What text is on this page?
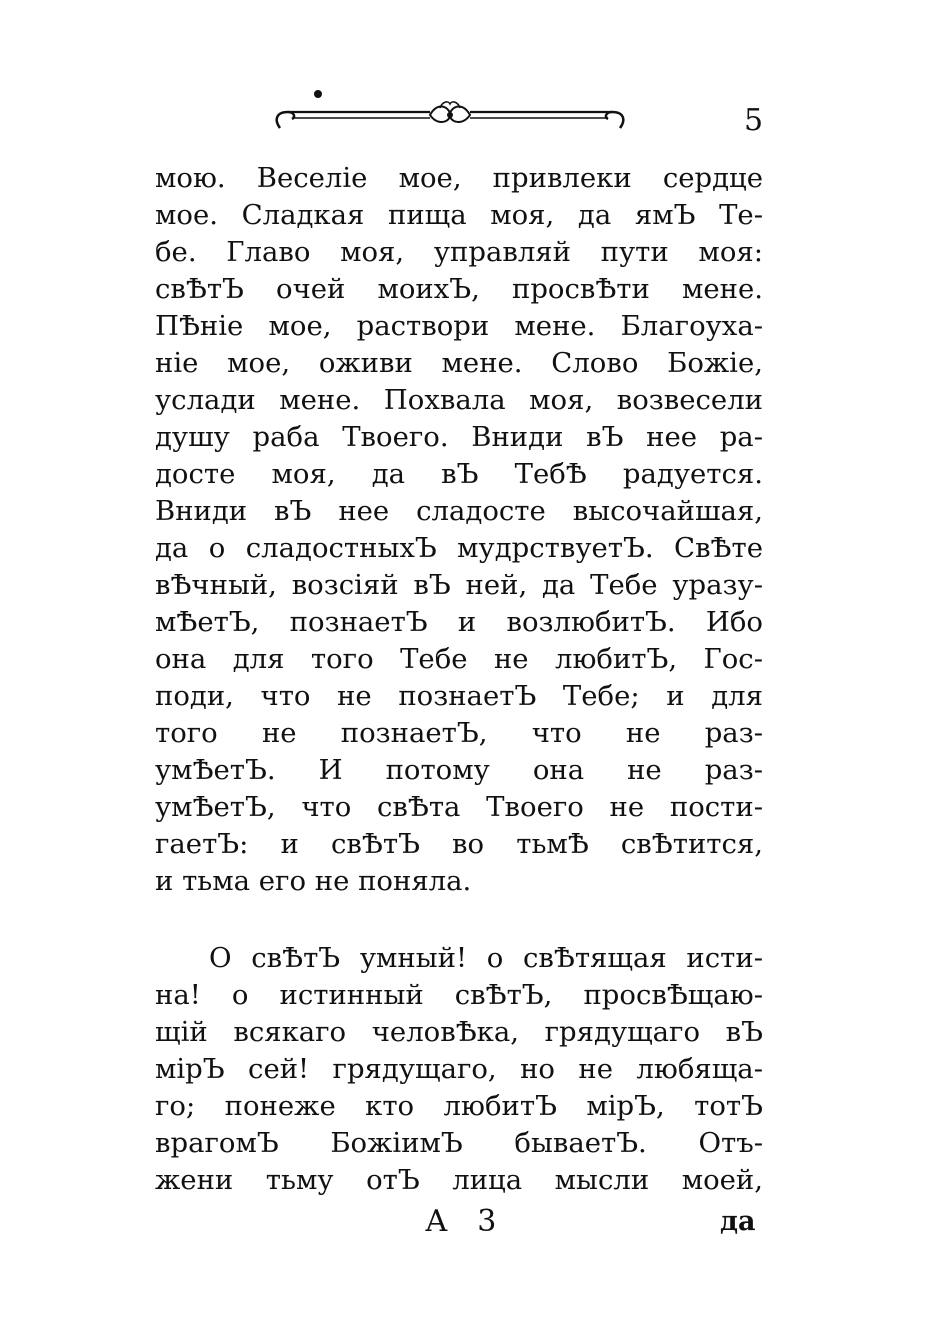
5
мою. Веселіе мое, привлеки сердце
мое. Сладкая пища моя, да ямЪ Те-
бе. Главо моя, управляй пути моя:
свѢтЪ очей моихЪ, просвѢти мене.
ПѢніе мое, раствори мене. Благоуха-
ніе мое, оживи мене. Слово Божіе,
услади мене. Похвала моя, возвесели
душу раба Твоего. Вниди вЪ нее ра-
досте моя, да вЪ ТебѢ радуется.
Вниди вЪ нее сладосте высочайшая,
да о сладостныхЪ мудрствуетЪ. СвѢте
вѢчный, возсіяй вЪ ней, да Тебе уразу-
мѢетЪ, познаетЪ и возлюбитЪ. Ибо
она для того Тебе не любитЪ, Гос-
поди, что не познаетЪ Тебе; и для
того не познаетЪ, что не раз-
умѢетЪ. И потому она не раз-
умѢетЪ, что свѢта Твоего не пости-
гаетЪ: и свѢтЪ во тьмѢ свѢтится,
и тьма его не поняла.
О свѢтЪ умный! о свѢтящая исти-
на! о истинный свѢтЪ, просвѢщаю-
щій всякаго человѢка, грядущаго вЪ
мірЪ сей! грядущаго, но не любяща-
го; понеже кто любитЪ мірЪ, тотЪ
врагомЪ БожіимЪ бываетЪ. Отъ-
жени тьму отЪ лица мысли моей,
А 3	да
